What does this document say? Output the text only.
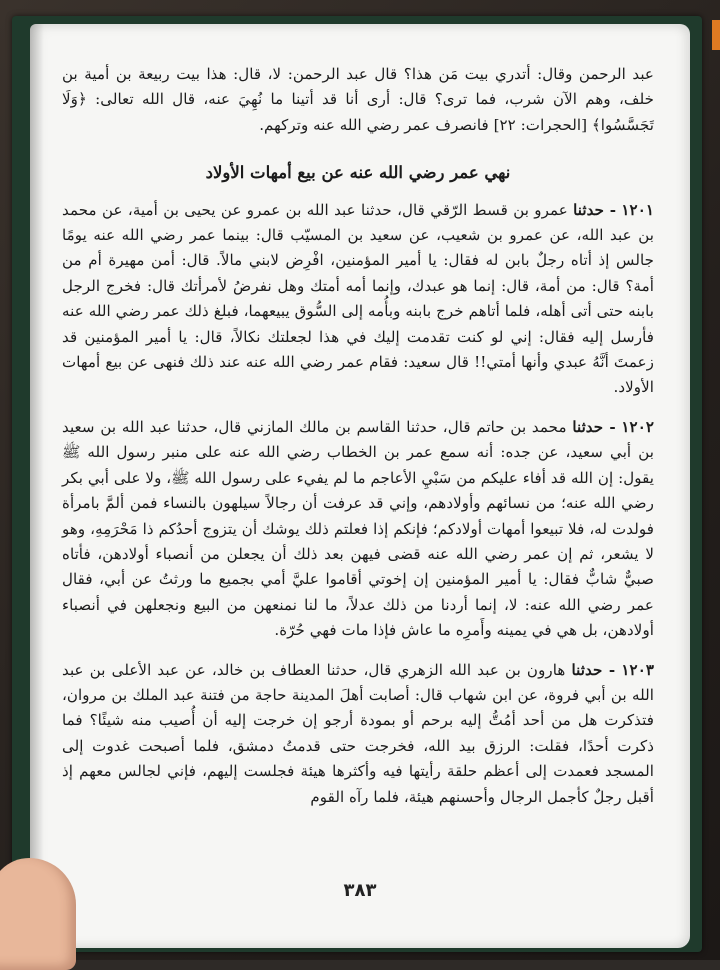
عبد الرحمن وقال: أتدري بيت مَن هذا؟ قال عبد الرحمن: لا، قال: هذا بيت ربيعة بن أمية بن خلف، وهم الآن شرب، فما ترى؟ قال: أرى أنا قد أتينا ما نُهِيَ عنه، قال الله تعالى: ﴿وَلَا تَجَسَّسُوا﴾ [الحجرات: ٢٢] فانصرف عمر رضي الله عنه وتركهم.

نهي عمر رضي الله عنه عن بيع أمهات الأولاد

١٢٠١ - حدثنا عمرو بن قسط الرّقي قال، حدثنا عبد الله بن عمرو عن يحيى بن أمية، عن محمد بن عبد الله، عن عمرو بن شعيب، عن سعيد بن المسيّب قال: بينما عمر رضي الله عنه يومًا جالس إذ أتاه رجلٌ بابن له فقال: يا أمير المؤمنين، افْرِض لابني مالاً. قال: أمن مهيرة أم من أمة؟ قال: من أمة، قال: إنما هو عبدك، وإنما أمه أمتك وهل نفرضُ لأمرأتك قال: فخرج الرجل بابنه حتى أتى أهله، فلما أتاهم خرج بابنه وبأُمه إلى السُّوق يبيعهما، فبلغ ذلك عمر رضي الله عنه فأرسل إليه فقال: إني لو كنت تقدمت إليك في هذا لجعلتك نكالاً، قال: يا أمير المؤمنين قد زعمتَ أنَّهُ عبدي وأنها أمتي!! قال سعيد: فقام عمر رضي الله عنه عند ذلك فنهى عن بيع أمهات الأولاد.

١٢٠٢ - حدثنا محمد بن حاتم قال، حدثنا القاسم بن مالك المازني قال، حدثنا عبد الله بن سعيد بن أبي سعيد، عن جده: أنه سمع عمر بن الخطاب رضي الله عنه على منبر رسول الله ﷺ يقول: إن الله قد أفاء عليكم من سَبْيِ الأعاجم ما لم يفيء على رسول الله ﷺ، ولا على أبي بكر رضي الله عنه؛ من نسائهم وأولادهم، وإني قد عرفت أن رجالاً سيلهون بالنساء فمن ألمَّ بامرأة فولدت له، فلا تبيعوا أمهات أولادكم؛ فإنكم إذا فعلتم ذلك يوشك أن يتزوج أحدُكم ذا مَحْرَمِهِ، وهو لا يشعر، ثم إن عمر رضي الله عنه قضى فيهن بعد ذلك أن يجعلن من أنصباء أولادهن، فأتاه صبيٌّ شابٌّ فقال: يا أمير المؤمنين إن إخوتي أقاموا عليَّ أمي بجميع ما ورثتُ عن أبي، فقال عمر رضي الله عنه: لا، إنما أردنا من ذلك عدلاً، ما لنا نمنعهن من البيع ونجعلهن في أنصباء أولادهن، بل هي في يمينه وأَمرِه ما عاش فإذا مات فهي حُرّة.

١٢٠٣ - حدثنا هارون بن عبد الله الزهري قال، حدثنا العطاف بن خالد، عن عبد الأعلى بن عبد الله بن أبي فروة، عن ابن شهاب قال: أصابت أهلَ المدينة حاجة من فتنة عبد الملك بن مروان، فتذكرت هل من أحد أمُتُّ إليه برحم أو بمودة أرجو إن خرجت إليه أن أُصيب منه شيئًا؟ فما ذكرت أحدًا، فقلت: الرزق بيد الله، فخرجت حتى قدمتُ دمشق، فلما أصبحت غدوت إلى المسجد فعمدت إلى أعظم حلقة رأيتها فيه وأكثرها هيئة فجلست إليهم، فإني لجالس معهم إذ أقبل رجلٌ كأجمل الرجال وأحسنهم هيئة، فلما رآه القوم

٣٨٣
